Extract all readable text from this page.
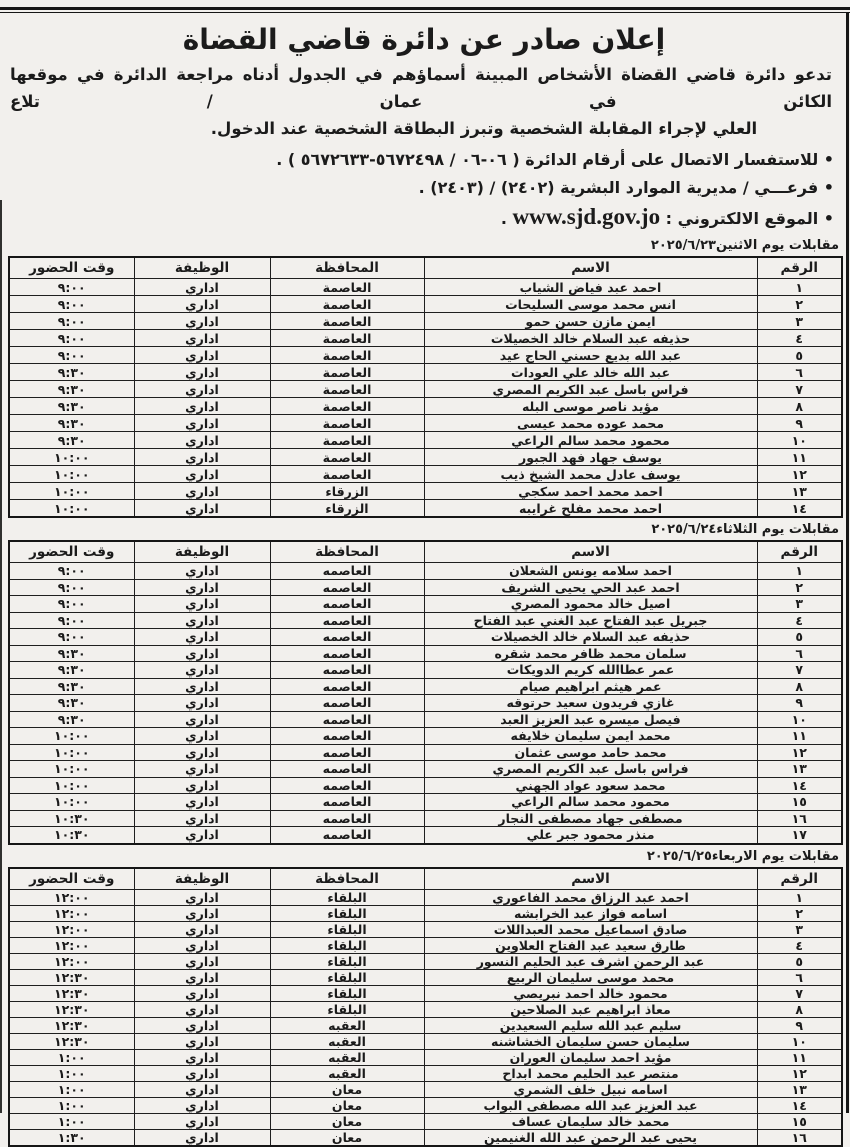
إعلان صادر عن دائرة قاضي القضاة
تدعو دائرة قاضي القضاة الأشخاص المبينة أسماؤهم في الجدول أدناه مراجعة الدائرة في موقعها الكائن في عمان / تلاع
العلي لإجراء المقابلة الشخصية وتبرز البطاقة الشخصية عند الدخول.
• للاستفسار الاتصال على أرقام الدائرة ( ‎٠٦-٥٦٧٢٤٩٨‎ / ‎٠٦-٥٦٧٢٦٣٣‎ ) .
• فرعـــي / مديرية الموارد البشرية (٢٤٠٢) / (٢٤٠٣) .
• الموقع الالكتروني : www.sjd.gov.jo .
مقابلات يوم الاثنين٢٠٢٥/٦/٢٣
الرقم	الاسم	المحافظة	الوظيفة	وقت الحضور
١	احمد عبد فياض الشياب	العاصمة	اداري	٩:٠٠
٢	انس محمد موسى السليحات	العاصمة	اداري	٩:٠٠
٣	ايمن مازن حسن حمو	العاصمة	اداري	٩:٠٠
٤	حذيفه عبد السلام خالد الخصيلات	العاصمة	اداري	٩:٠٠
٥	عبد الله بديع حسني الحاج عيد	العاصمة	اداري	٩:٠٠
٦	عبد الله خالد علي العودات	العاصمة	اداري	٩:٣٠
٧	فراس باسل عبد الكريم المصري	العاصمة	اداري	٩:٣٠
٨	مؤيد ناصر موسى البله	العاصمة	اداري	٩:٣٠
٩	محمد عوده محمد عيسى	العاصمة	اداري	٩:٣٠
١٠	محمود محمد سالم الراعي	العاصمة	اداري	٩:٣٠
١١	يوسف جهاد فهد الجبور	العاصمة	اداري	١٠:٠٠
١٢	يوسف عادل محمد الشيخ ذيب	العاصمة	اداري	١٠:٠٠
١٣	احمد محمد احمد سكجي	الزرقاء	اداري	١٠:٠٠
١٤	احمد محمد مفلح غرايبه	الزرقاء	اداري	١٠:٠٠
مقابلات يوم الثلاثاء٢٠٢٥/٦/٢٤
الرقم	الاسم	المحافظة	الوظيفة	وقت الحضور
١	احمد سلامه يونس الشعلان	العاصمه	اداري	٩:٠٠
٢	احمد عبد الحي يحيى الشريف	العاصمه	اداري	٩:٠٠
٣	اصيل خالد محمود المصري	العاصمه	اداري	٩:٠٠
٤	جبريل عبد الفتاح عبد الغني عبد الفتاح	العاصمه	اداري	٩:٠٠
٥	حذيفه عبد السلام خالد الخصيلات	العاصمه	اداري	٩:٠٠
٦	سلمان محمد ظافر محمد شقره	العاصمه	اداري	٩:٣٠
٧	عمر عطاالله كريم الدويكات	العاصمه	اداري	٩:٣٠
٨	عمر هيثم ابراهيم صيام	العاصمه	اداري	٩:٣٠
٩	غازي فريدون سعيد حرتوقه	العاصمه	اداري	٩:٣٠
١٠	فيصل ميسره عبد العزيز العبد	العاصمه	اداري	٩:٣٠
١١	محمد ايمن سليمان خلايفه	العاصمه	اداري	١٠:٠٠
١٢	محمد حامد موسى عثمان	العاصمه	اداري	١٠:٠٠
١٣	فراس باسل عبد الكريم المصري	العاصمه	اداري	١٠:٠٠
١٤	محمد سعود عواد الجهني	العاصمه	اداري	١٠:٠٠
١٥	محمود محمد سالم الراعي	العاصمه	اداري	١٠:٠٠
١٦	مصطفى جهاد مصطفى النجار	العاصمه	اداري	١٠:٣٠
١٧	منذر محمود جبر علي	العاصمه	اداري	١٠:٣٠
مقابلات يوم الاربعاء٢٠٢٥/٦/٢٥
الرقم	الاسم	المحافظة	الوظيفة	وقت الحضور
١	احمد عبد الرزاق محمد الفاعوري	البلقاء	اداري	١٢:٠٠
٢	اسامه فواز عبد الخرابشه	البلقاء	اداري	١٢:٠٠
٣	صادق اسماعيل محمد العبداللات	البلقاء	اداري	١٢:٠٠
٤	طارق سعيد عبد الفتاح العلاوين	البلقاء	اداري	١٢:٠٠
٥	عبد الرحمن اشرف عبد الحليم النسور	البلقاء	اداري	١٢:٠٠
٦	محمد موسى سليمان الربيع	البلقاء	اداري	١٢:٣٠
٧	محمود خالد احمد نبريصي	البلقاء	اداري	١٢:٣٠
٨	معاذ ابراهيم عبد الصلاحين	البلقاء	اداري	١٢:٣٠
٩	سليم عبد الله سليم السعيدين	العقبه	اداري	١٢:٣٠
١٠	سليمان حسن سليمان الخشاشنه	العقبه	اداري	١٢:٣٠
١١	مؤيد احمد سليمان العوران	العقبه	اداري	١:٠٠
١٢	منتصر عبد الحليم محمد ابداح	العقبه	اداري	١:٠٠
١٣	اسامه نبيل خلف الشمري	معان	اداري	١:٠٠
١٤	عبد العزيز عبد الله مصطفى البواب	معان	اداري	١:٠٠
١٥	محمد خالد سليمان عساف	معان	اداري	١:٠٠
١٦	يحيى عبد الرحمن عبد الله الغنيمين	معان	اداري	١:٣٠
